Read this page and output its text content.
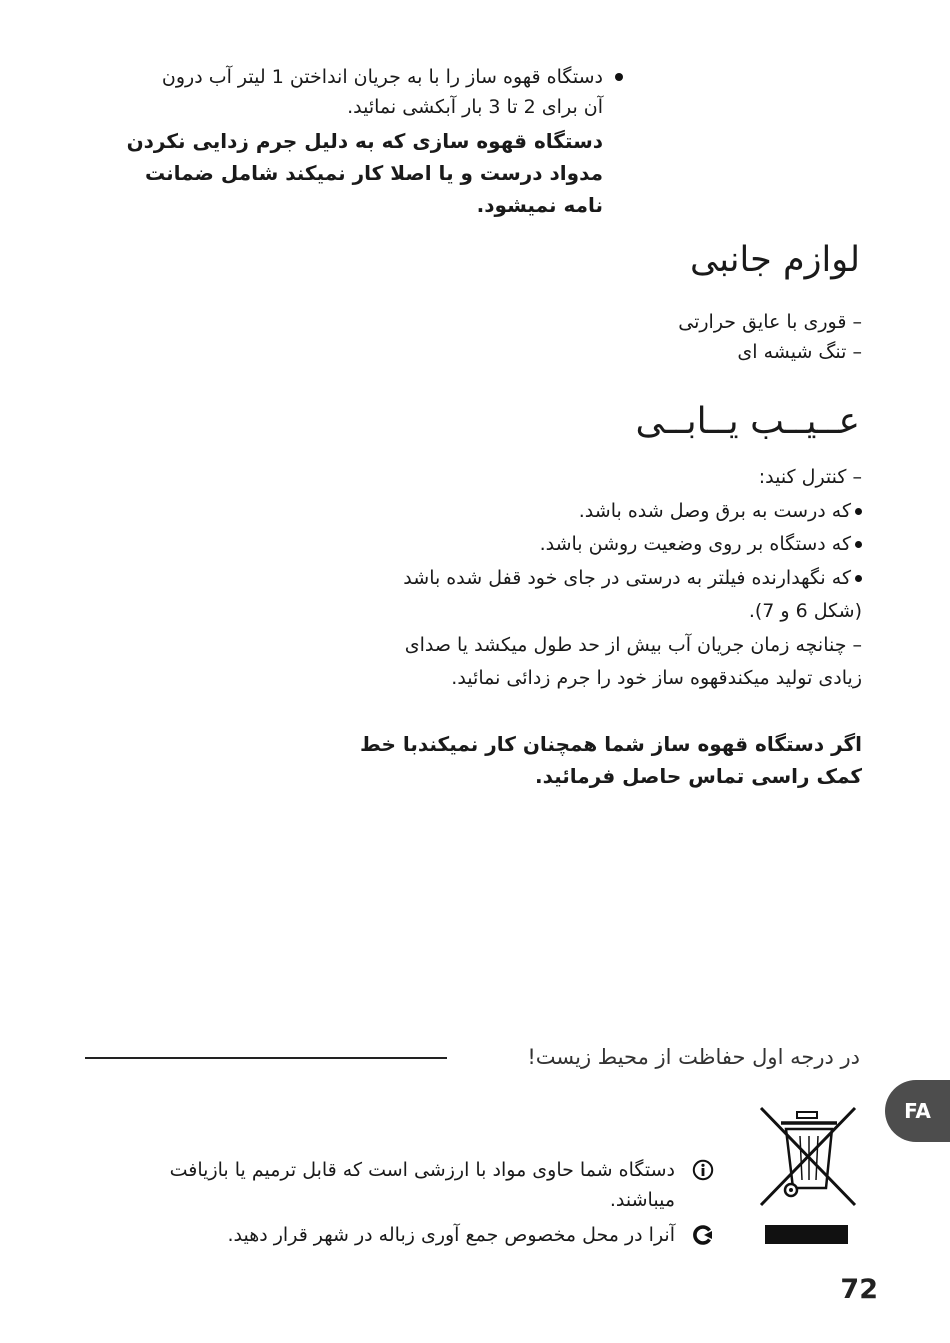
دستگاه قهوه ساز را با به جریان انداختن 1 لیتر آب درون
آن برای 2 تا 3 بار آبکشی نمائید.
دستگاه قهوه سازی که به دلیل جرم زدایی نکردن
مدواد درست و یا اصلا کار نمیکند شامل ضمانت
نامه نمیشود.
لوازم جانبی
– قوری با عایق حرارتی
– تنگ شیشه ای
عــیــب یــابــی
– کنترل کنید:
که درست به برق وصل شده باشد.
که دستگاه بر روی وضعیت روشن باشد.
که نگهدارنده فیلتر به درستی در جای خود قفل شده باشد
(شکل 6 و 7).
– چنانچه زمان جریان آب بیش از حد طول میکشد یا صدای
زیادی تولید میکندقهوه ساز خود را جرم زدائی نمائید.
اگر دستگاه قهوه ساز شما همچنان کار نمیکندبا خط
کمک راسی تماس حاصل فرمائید.
در درجه اول حفاظت از محیط زیست!
دستگاه شما حاوی مواد با ارزشی است که قابل ترمیم یا بازیافت
میباشند.
آنرا در محل مخصوص جمع آوری زباله در شهر قرار دهید.
FA
72
